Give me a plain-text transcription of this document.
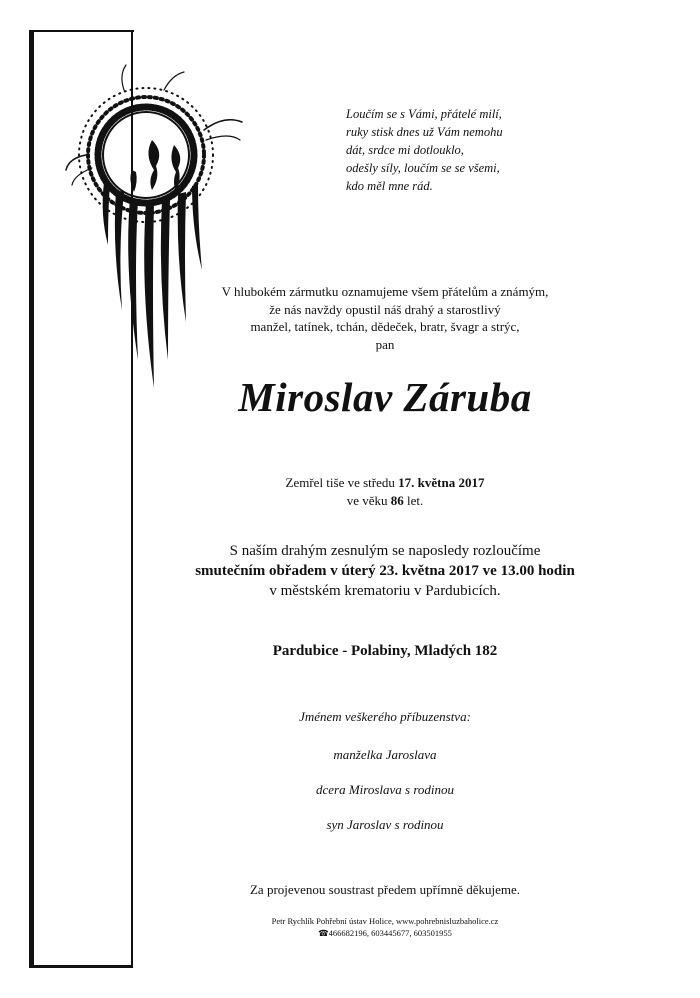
Loučím se s Vámi, přátelé milí,
ruky stisk dnes už Vám nemohu
dát, srdce mi dotlouklo,
odešly síly, loučím se se všemi,
kdo měl mne rád.
V hlubokém zármutku oznamujeme všem přátelům a známým,
že nás navždy opustil náš drahý a starostlivý
manžel, tatínek, tchán, dědeček, bratr, švagr a strýc,
pan
Miroslav Záruba
Zemřel tiše ve středu 17. května 2017
ve věku 86 let.
S naším drahým zesnulým se naposledy rozloučíme
smutečním obřadem v úterý 23. května 2017 ve 13.00 hodin
v městském krematoriu v Pardubicích.
Pardubice - Polabiny, Mladých 182
Jménem veškerého příbuzenstva:
manželka Jaroslava
dcera Miroslava s rodinou
syn Jaroslav s rodinou
Za projevenou soustrast předem upřímně děkujeme.
Petr Rychlík Pohřební ústav Holice, www.pohrebnisluzbaholice.cz
☎466682196, 603445677, 603501955
